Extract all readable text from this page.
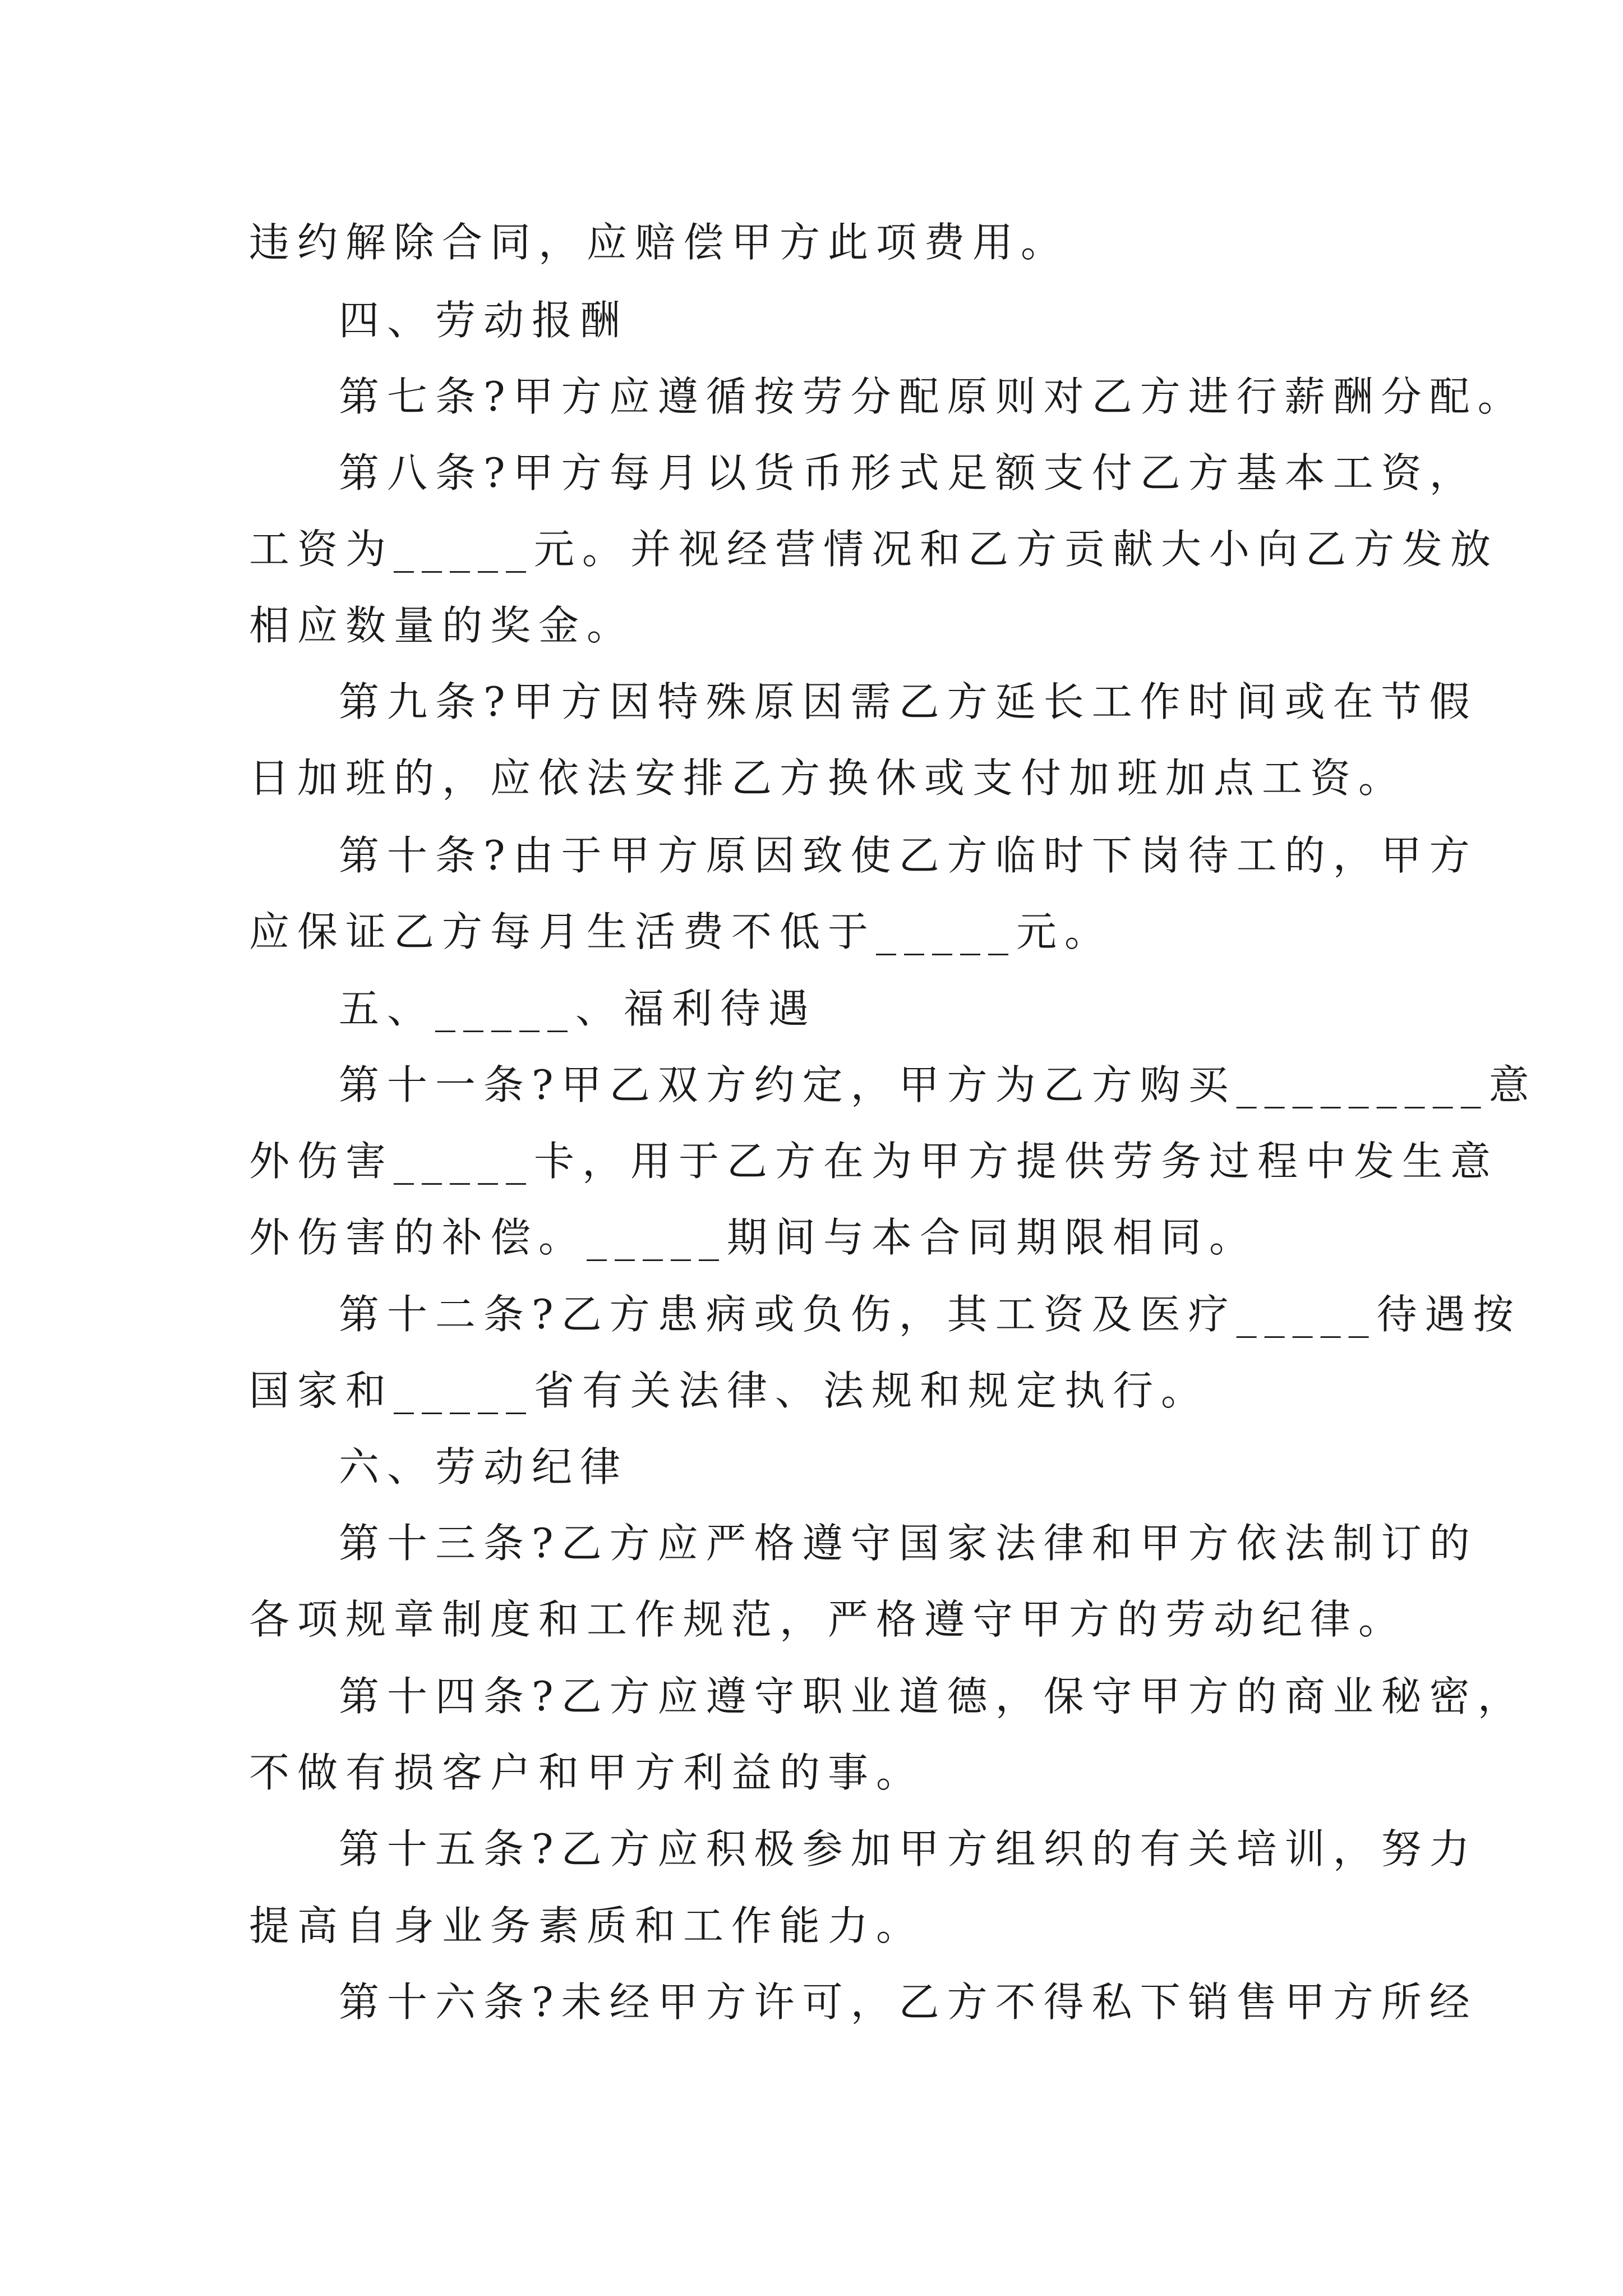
违约解除合同，应赔偿甲方此项费用。

四、劳动报酬

第七条?甲方应遵循按劳分配原则对乙方进行薪酬分配。

第八条?甲方每月以货币形式足额支付乙方基本工资，

工资为_____元。并视经营情况和乙方贡献大小向乙方发放

相应数量的奖金。

第九条?甲方因特殊原因需乙方延长工作时间或在节假

日加班的，应依法安排乙方换休或支付加班加点工资。

第十条?由于甲方原因致使乙方临时下岗待工的，甲方

应保证乙方每月生活费不低于_____元。

五、_____、福利待遇

第十一条?甲乙双方约定，甲方为乙方购买_________意

外伤害_____卡，用于乙方在为甲方提供劳务过程中发生意

外伤害的补偿。_____期间与本合同期限相同。

第十二条?乙方患病或负伤，其工资及医疗_____待遇按

国家和_____省有关法律、法规和规定执行。

六、劳动纪律

第十三条?乙方应严格遵守国家法律和甲方依法制订的

各项规章制度和工作规范，严格遵守甲方的劳动纪律。

第十四条?乙方应遵守职业道德，保守甲方的商业秘密，

不做有损客户和甲方利益的事。

第十五条?乙方应积极参加甲方组织的有关培训，努力

提高自身业务素质和工作能力。

第十六条?未经甲方许可，乙方不得私下销售甲方所经
